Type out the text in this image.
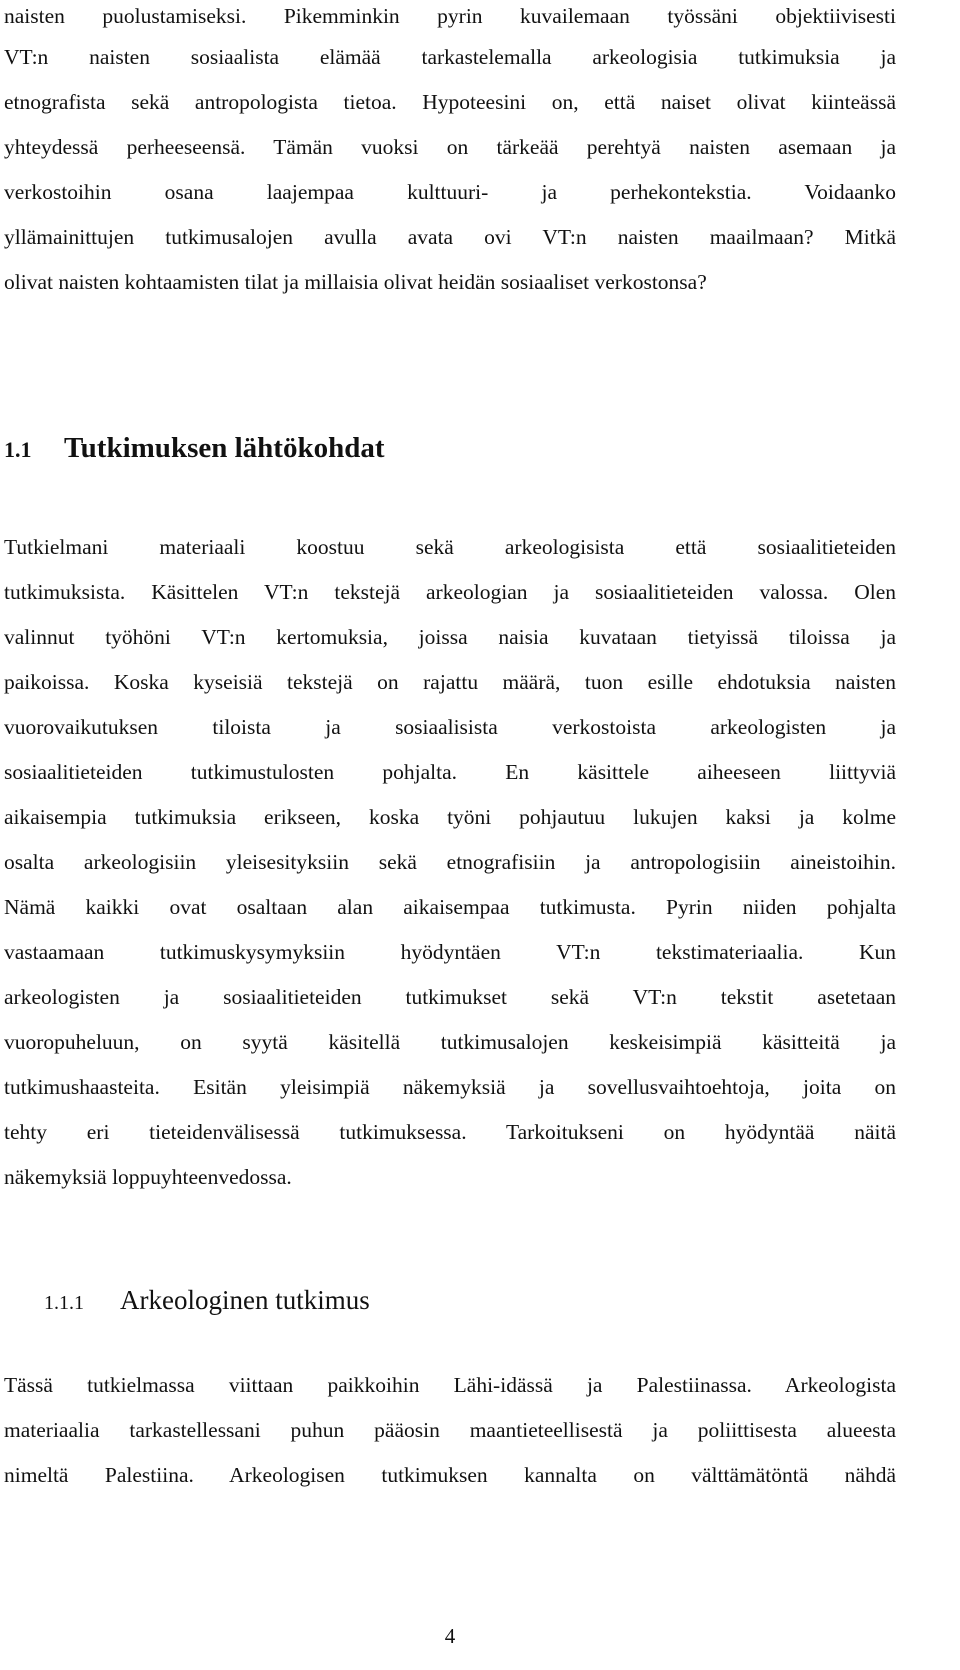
naisten puolustamiseksi. Pikemminkin pyrin kuvailemaan työssäni objektiivisesti
VT:n naisten sosiaalista elämää tarkastelemalla arkeologisia tutkimuksia ja
etnografista sekä antropologista tietoa. Hypoteesini on, että naiset olivat kiinteässä
yhteydessä perheeseensä. Tämän vuoksi on tärkeää perehtyä naisten asemaan ja
verkostoihin osana laajempaa kulttuuri- ja perhekontekstia. Voidaanko
yllämainittujen tutkimusalojen avulla avata ovi VT:n naisten maailmaan? Mitkä
olivat naisten kohtaamisten tilat ja millaisia olivat heidän sosiaaliset verkostonsa?
1.1 Tutkimuksen lähtökohdat
Tutkielmani materiaali koostuu sekä arkeologisista että sosiaalitieteiden
tutkimuksista. Käsittelen VT:n tekstejä arkeologian ja sosiaalitieteiden valossa. Olen
valinnut työhöni VT:n kertomuksia, joissa naisia kuvataan tietyissä tiloissa ja
paikoissa. Koska kyseisiä tekstejä on rajattu määrä, tuon esille ehdotuksia naisten
vuorovaikutuksen tiloista ja sosiaalisista verkostoista arkeologisten ja
sosiaalitieteiden tutkimustulosten pohjalta. En käsittele aiheeseen liittyviä
aikaisempia tutkimuksia erikseen, koska työni pohjautuu lukujen kaksi ja kolme
osalta arkeologisiin yleisesityksiin sekä etnografisiin ja antropologisiin aineistoihin.
Nämä kaikki ovat osaltaan alan aikaisempaa tutkimusta. Pyrin niiden pohjalta
vastaamaan tutkimuskysymyksiin hyödyntäen VT:n tekstimateriaalia. Kun
arkeologisten ja sosiaalitieteiden tutkimukset sekä VT:n tekstit asetetaan
vuoropuheluun, on syytä käsitellä tutkimusalojen keskeisimpiä käsitteitä ja
tutkimushaasteita. Esitän yleisimpiä näkemyksiä ja sovellusvaihtoehtoja, joita on
tehty eri tieteidenvälisessä tutkimuksessa. Tarkoitukseni on hyödyntää näitä
näkemyksiä loppuyhteenvedossa.
1.1.1 Arkeologinen tutkimus
Tässä tutkielmassa viittaan paikkoihin Lähi-idässä ja Palestiinassa. Arkeologista
materiaalia tarkastellessani puhun pääosin maantieteellisestä ja poliittisesta alueesta
nimeltä Palestiina. Arkeologisen tutkimuksen kannalta on välttämätöntä nähdä
4
